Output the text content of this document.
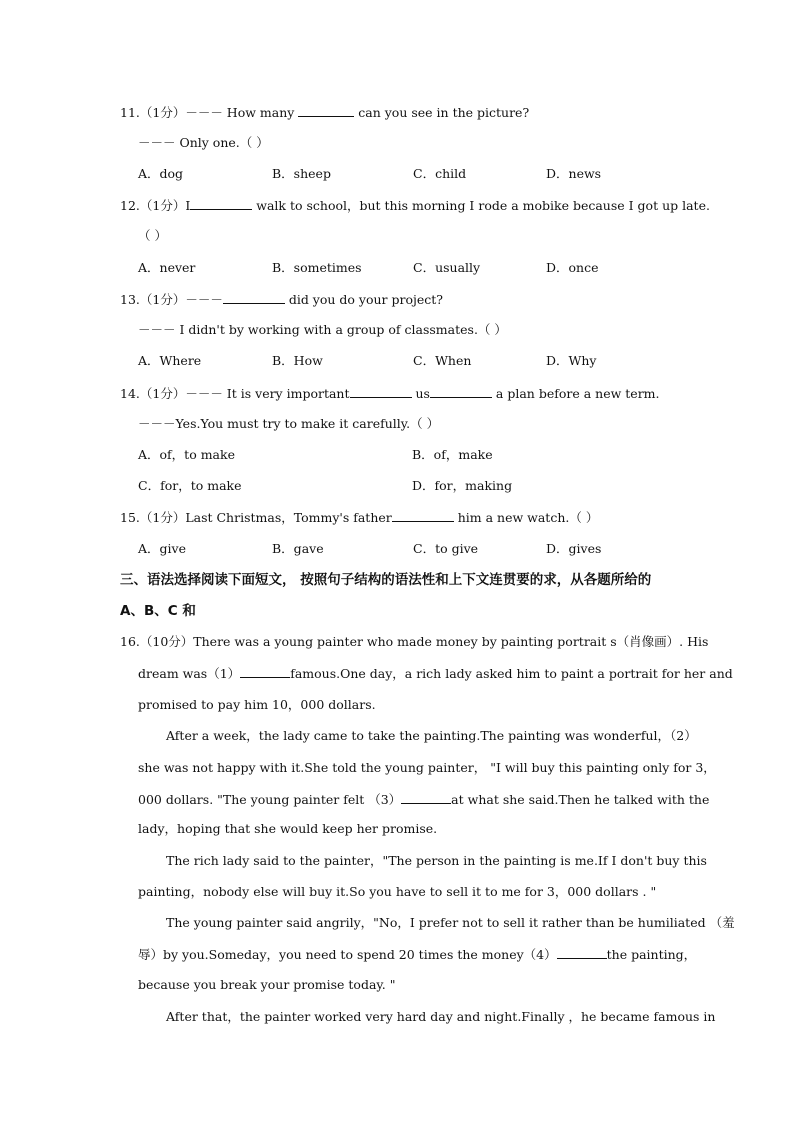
11.（1分）－－－ How many	can you see in the picture?
－－－ Only one.（ ）
A．dog	B．sheep	C．child	D．news
12.（1分）I	walk to school，but this morning I rode a mobike because I got up late.
（ ）
A．never	B．sometimes	C．usually	D．once
13.（1分）－－－	did you do your project?
－－－ I didn't by working with a group of classmates.（ ）
A．Where	B．How	C．When	D．Why
14.（1分）－－－ It is very important	us	a plan before a new term.
－－－Yes.You must try to make it carefully.（ ）
A．of，to make	B．of，make
C．for，to make	D．for，making
15.（1分）Last Christmas，Tommy's father	him a new watch.（ ）
A．give	B．gave	C．to give	D．gives
三、语法选择阅读下面短文， 按照句子结构的语法性和上下文连贯要的求，从各题所给的
A、B、C 和
16.（10分）There was a young painter who made money by painting portrait s（肖像画）. His
dream was（1）	famous.One day，a rich lady asked him to paint a portrait for her and
promised to pay him 10，000 dollars.
After a week，the lady came to take the painting.The painting was wonderful，（2）
she was not happy with it.She told the young painter， "I will buy this painting only for 3，
000 dollars. "The young painter felt （3）	at what she said.Then he talked with the
lady，hoping that she would keep her promise.
The rich lady said to the painter，"The person in the painting is me.If I don't buy this
painting，nobody else will buy it.So you have to sell it to me for 3，000 dollars . "
The young painter said angrily，"No，I prefer not to sell it rather than be humiliated （羞
辱）by you.Someday，you need to spend 20 times the money（4）	the painting，
because you break your promise today. "
After that，the painter worked very hard day and night.Finally ，he became famous in
